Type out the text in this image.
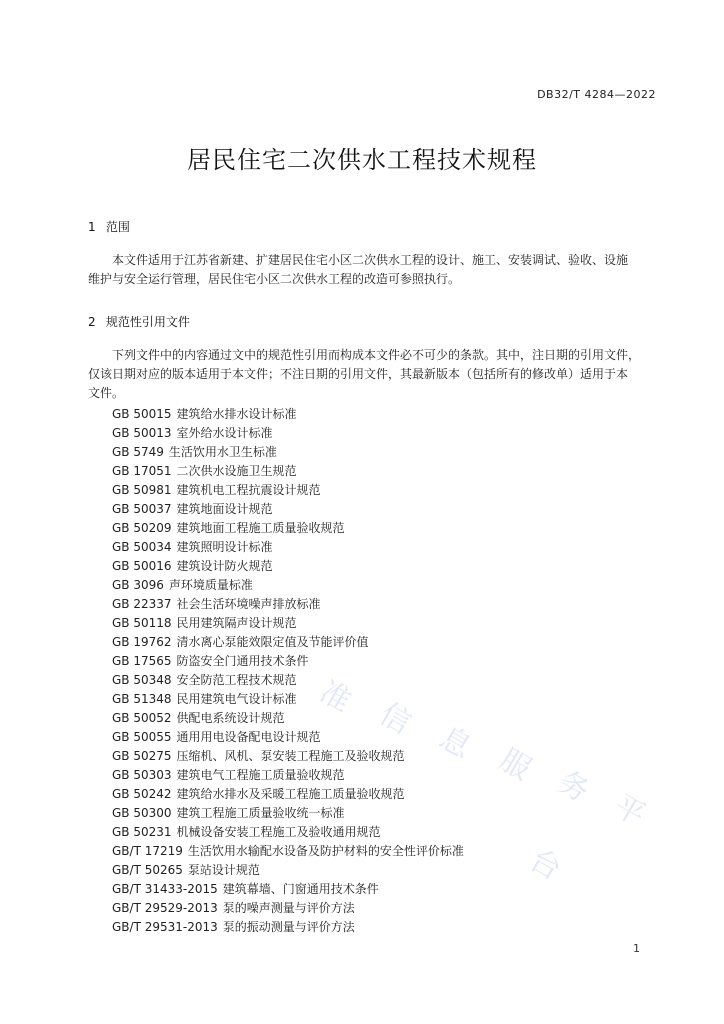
DB32/T 4284—2022
居民住宅二次供水工程技术规程
1 范围
本文件适用于江苏省新建、扩建居民住宅小区二次供水工程的设计、施工、安装调试、验收、设施
维护与安全运行管理，居民住宅小区二次供水工程的改造可参照执行。
2 规范性引用文件
下列文件中的内容通过文中的规范性引用而构成本文件必不可少的条款。其中，注日期的引用文件，
仅该日期对应的版本适用于本文件；不注日期的引用文件，其最新版本（包括所有的修改单）适用于本
文件。
GB 50015 建筑给水排水设计标准
GB 50013 室外给水设计标准
GB 5749 生活饮用水卫生标准
GB 17051 二次供水设施卫生规范
GB 50981 建筑机电工程抗震设计规范
GB 50037 建筑地面设计规范
GB 50209 建筑地面工程施工质量验收规范
GB 50034 建筑照明设计标准
GB 50016 建筑设计防火规范
GB 3096 声环境质量标准
GB 22337 社会生活环境噪声排放标准
GB 50118 民用建筑隔声设计规范
GB 19762 清水离心泵能效限定值及节能评价值
GB 17565 防盗安全门通用技术条件
GB 50348 安全防范工程技术规范
GB 51348 民用建筑电气设计标准
GB 50052 供配电系统设计规范
GB 50055 通用用电设备配电设计规范
GB 50275 压缩机、风机、泵安装工程施工及验收规范
GB 50303 建筑电气工程施工质量验收规范
GB 50242 建筑给水排水及采暖工程施工质量验收规范
GB 50300 建筑工程施工质量验收统一标准
GB 50231 机械设备安装工程施工及验收通用规范
GB/T 17219 生活饮用水输配水设备及防护材料的安全性评价标准
GB/T 50265 泵站设计规范
GB/T 31433-2015 建筑幕墙、门窗通用技术条件
GB/T 29529-2013 泵的噪声测量与评价方法
GB/T 29531-2013 泵的振动测量与评价方法
准 信
息 服 务
平
台
1
